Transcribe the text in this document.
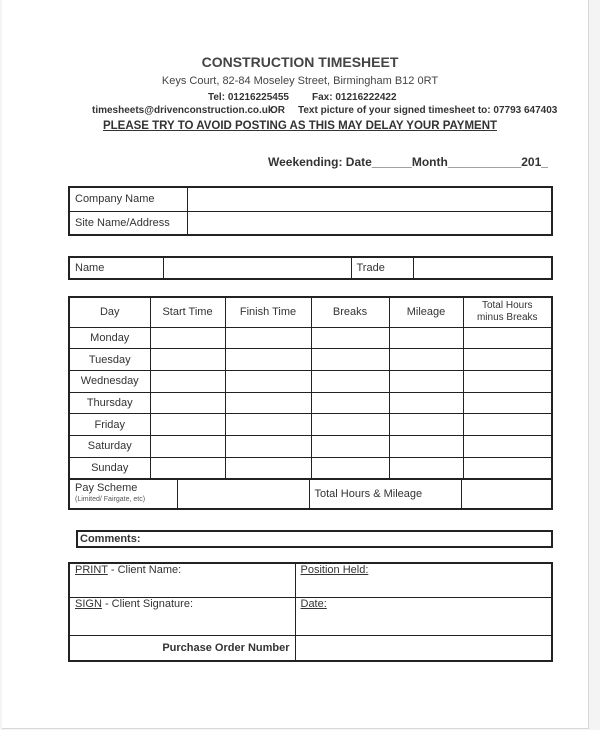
CONSTRUCTION TIMESHEET
Keys Court, 82-84 Moseley Street, Birmingham B12 0RT
Tel: 01216225455 Fax: 01216222422
timesheets@drivenconstruction.co.uk
OR Text picture of your signed timesheet to: 07793 647403
PLEASE TRY TO AVOID POSTING AS THIS MAY DELAY YOUR PAYMENT
Weekending: Date______Month___________201_
Company Name	
Site Name/Address	
Name		Trade	
Day	Start Time	Finish Time	Breaks	Mileage	Total Hours minus Breaks
Monday					
Tuesday					
Wednesday					
Thursday					
Friday					
Saturday					
Sunday					
Pay Scheme
(Limited/ Fairgate, etc)		Total Hours & Mileage	
Comments:
PRINT - Client Name:	Position Held:
SIGN - Client Signature:	Date:
Purchase Order Number	
